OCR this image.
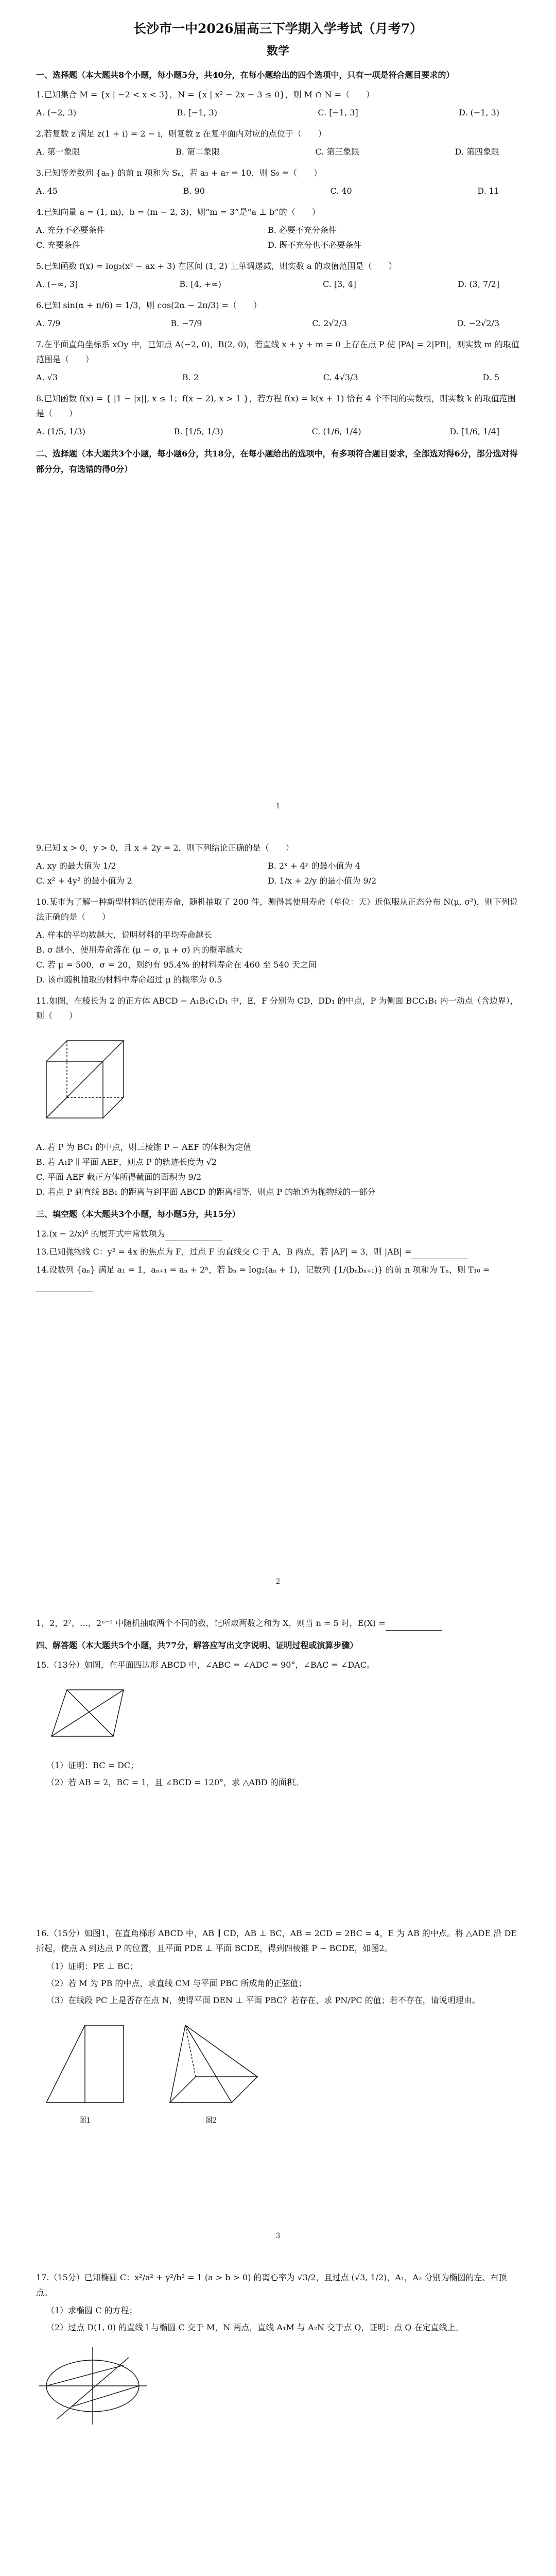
长沙市一中2026届高三下学期入学考试（月考7）
数学
一、选择题（本大题共8个小题，每小题5分，共40分，在每小题给出的四个选项中，只有一项是符合题目要求的）
1.已知集合 M = {x | −2 < x < 3}，N = {x | x² − 2x − 3 ≤ 0}，则 M ∩ N =（　　）
A. (−2, 3)	B. [−1, 3)	C. [−1, 3]	D. (−1, 3)
2.若复数 z 满足 z(1 + i) = 2 − i，则复数 z 在复平面内对应的点位于（　　）
A. 第一象限	B. 第二象限	C. 第三象限	D. 第四象限
3.已知等差数列 {aₙ} 的前 n 项和为 Sₙ，若 a₃ + a₇ = 10，则 S₉ =（　　）
A. 45	B. 90	C. 40	D. 11
4.已知向量 a = (1, m)，b = (m − 2, 3)，则“m = 3”是“a ⊥ b”的（　　）
A. 充分不必要条件	B. 必要不充分条件
C. 充要条件	D. 既不充分也不必要条件
5.已知函数 f(x) = log₂(x² − ax + 3) 在区间 (1, 2) 上单调递减，则实数 a 的取值范围是（　　）
A. (−∞, 3]	B. [4, +∞)	C. [3, 4]	D. (3, 7/2]
6.已知 sin(α + π/6) = 1/3，则 cos(2α − 2π/3) =（　　）
A. 7/9	B. −7/9	C. 2√2/3	D. −2√2/3
7.在平面直角坐标系 xOy 中，已知点 A(−2, 0)，B(2, 0)，若直线 x + y + m = 0 上存在点 P 使 |PA| = 2|PB|，则实数 m 的取值范围是（　　）
A. √3	B. 2	C. 4√3/3	D. 5
8.已知函数 f(x) = { |1 − |x||, x ≤ 1；f(x − 2), x > 1 }，若方程 f(x) = k(x + 1) 恰有 4 个不同的实数根，则实数 k 的取值范围是（　　）
A. (1/5, 1/3)	B. [1/5, 1/3)	C. (1/6, 1/4)	D. [1/6, 1/4]
二、选择题（本大题共3个小题，每小题6分，共18分，在每小题给出的选项中，有多项符合题目要求，全部选对得6分，部分选对得部分分，有选错的得0分）
1
9.已知 x > 0，y > 0，且 x + 2y = 2，则下列结论正确的是（　　）
A. xy 的最大值为 1/2	B. 2ˣ + 4ʸ 的最小值为 4
C. x² + 4y² 的最小值为 2	D. 1/x + 2/y 的最小值为 9/2
10.某市为了解一种新型材料的使用寿命，随机抽取了 200 件，测得其使用寿命（单位：天）近似服从正态分布 N(μ, σ²)，则下列说法正确的是（　　）
A. 样本的平均数越大，说明材料的平均寿命越长
B. σ 越小，使用寿命落在 (μ − σ, μ + σ) 内的概率越大
C. 若 μ = 500，σ = 20，则约有 95.4% 的材料寿命在 460 至 540 天之间
D. 该市随机抽取的材料中寿命超过 μ 的概率为 0.5
11.如图，在棱长为 2 的正方体 ABCD − A₁B₁C₁D₁ 中，E，F 分别为 CD，DD₁ 的中点，P 为侧面 BCC₁B₁ 内一动点（含边界），则（　　）
A. 若 P 为 BC₁ 的中点，则三棱锥 P − AEF 的体积为定值
B. 若 A₁P ∥ 平面 AEF，则点 P 的轨迹长度为 √2
C. 平面 AEF 截正方体所得截面的面积为 9/2
D. 若点 P 到直线 BB₁ 的距离与到平面 ABCD 的距离相等，则点 P 的轨迹为抛物线的一部分
三、填空题（本大题共3个小题，每小题5分，共15分）
12.(x − 2/x)⁶ 的展开式中常数项为
13.已知抛物线 C：y² = 4x 的焦点为 F，过点 F 的直线交 C 于 A，B 两点，若 |AF| = 3，则 |AB| =
14.设数列 {aₙ} 满足 a₁ = 1，aₙ₊₁ = aₙ + 2ⁿ，若 bₙ = log₂(aₙ + 1)，记数列 {1/(bₙbₙ₊₁)} 的前 n 项和为 Tₙ，则 T₁₀ =
2
1，2，2²，…，2ⁿ⁻¹ 中随机抽取两个不同的数，记所取两数之和为 X，则当 n = 5 时，E(X) =
四、解答题（本大题共5个小题，共77分，解答应写出文字说明、证明过程或演算步骤）
15.（13分）如图，在平面四边形 ABCD 中，∠ABC = ∠ADC = 90°，∠BAC = ∠DAC。
（1）证明：BC = DC；
（2）若 AB = 2，BC = 1，且 ∠BCD = 120°，求 △ABD 的面积。
16.（15分）如图1，在直角梯形 ABCD 中，AB ∥ CD，AB ⊥ BC，AB = 2CD = 2BC = 4，E 为 AB 的中点。将 △ADE 沿 DE 折起，使点 A 到达点 P 的位置，且平面 PDE ⊥ 平面 BCDE，得到四棱锥 P − BCDE，如图2。
（1）证明：PE ⊥ BC；
（2）若 M 为 PB 的中点，求直线 CM 与平面 PBC 所成角的正弦值；
（3）在线段 PC 上是否存在点 N，使得平面 DEN ⊥ 平面 PBC？若存在，求 PN/PC 的值；若不存在，请说明理由。
图1	图2
3
17.（15分）已知椭圆 C：x²/a² + y²/b² = 1 (a > b > 0) 的离心率为 √3/2，且过点 (√3, 1/2)，A₁，A₂ 分别为椭圆的左、右顶点。
（1）求椭圆 C 的方程；
（2）过点 D(1, 0) 的直线 l 与椭圆 C 交于 M，N 两点，直线 A₁M 与 A₂N 交于点 Q，证明：点 Q 在定直线上。
